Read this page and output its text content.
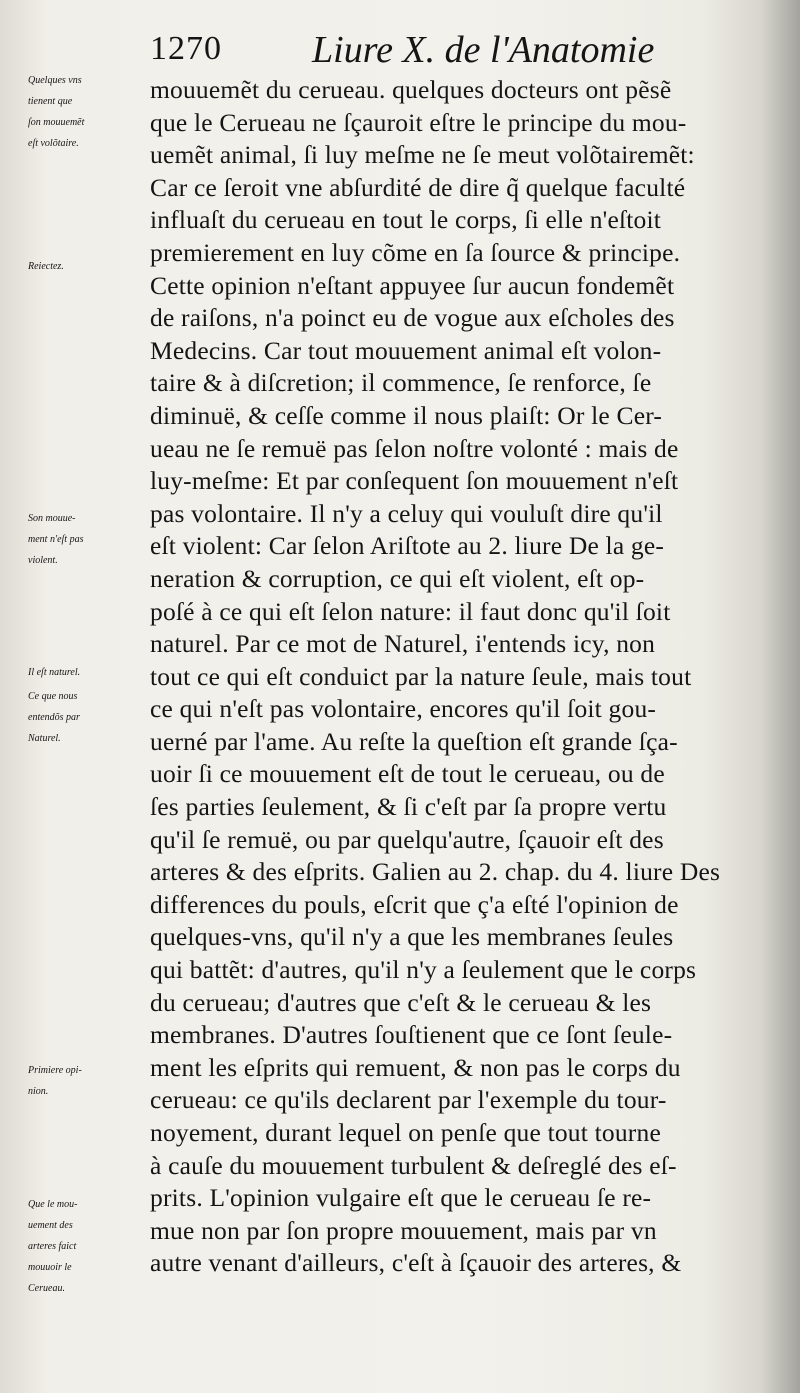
1270 Liure X. de l'Anatomie
Quelques vns
tienent que
ſon mouuemẽt
eſt volõtaire.
Reiectez.
Son mouue-
ment n'eſt pas
violent.
Il eſt naturel.
Ce que nous
entendõs par
Naturel.
Primiere opi-
nion.
Que le mou-
uement des
arteres faict
mouuoir le
Cerueau.
mouuemẽt du cerueau. quelques docteurs ont pẽsẽ
que le Cerueau ne ſçauroit eſtre le principe du mou-
uemẽt animal, ſi luy meſme ne ſe meut volõtairemẽt:
Car ce ſeroit vne abſurdité de dire q̃ quelque faculté
influaſt du cerueau en tout le corps, ſi elle n'eſtoit
premierement en luy cõme en ſa ſource & principe.
Cette opinion n'eſtant appuyee ſur aucun fondemẽt
de raiſons, n'a poinct eu de vogue aux eſcholes des
Medecins. Car tout mouuement animal eſt volon-
taire & à diſcretion; il commence, ſe renforce, ſe
diminuë, & ceſſe comme il nous plaiſt: Or le Cer-
ueau ne ſe remuë pas ſelon noſtre volonté : mais de
luy-meſme: Et par conſequent ſon mouuement n'eſt
pas volontaire. Il n'y a celuy qui vouluſt dire qu'il
eſt violent: Car ſelon Ariſtote au 2. liure De la ge-
neration & corruption, ce qui eſt violent, eſt op-
poſé à ce qui eſt ſelon nature: il faut donc qu'il ſoit
naturel. Par ce mot de Naturel, i'entends icy, non
tout ce qui eſt conduict par la nature ſeule, mais tout
ce qui n'eſt pas volontaire, encores qu'il ſoit gou-
uerné par l'ame. Au reſte la queſtion eſt grande ſça-
uoir ſi ce mouuement eſt de tout le cerueau, ou de
ſes parties ſeulement, & ſi c'eſt par ſa propre vertu
qu'il ſe remuë, ou par quelqu'autre, ſçauoir eſt des
arteres & des eſprits. Galien au 2. chap. du 4. liure Des
differences du pouls, eſcrit que ç'a eſté l'opinion de
quelques-vns, qu'il n'y a que les membranes ſeules
qui battẽt: d'autres, qu'il n'y a ſeulement que le corps
du cerueau; d'autres que c'eſt & le cerueau & les
membranes. D'autres ſouſtienent que ce ſont ſeule-
ment les eſprits qui remuent, & non pas le corps du
cerueau: ce qu'ils declarent par l'exemple du tour-
noyement, durant lequel on penſe que tout tourne
à cauſe du mouuement turbulent & deſreglé des eſ-
prits. L'opinion vulgaire eſt que le cerueau ſe re-
mue non par ſon propre mouuement, mais par vn
autre venant d'ailleurs, c'eſt à ſçauoir des arteres, &
